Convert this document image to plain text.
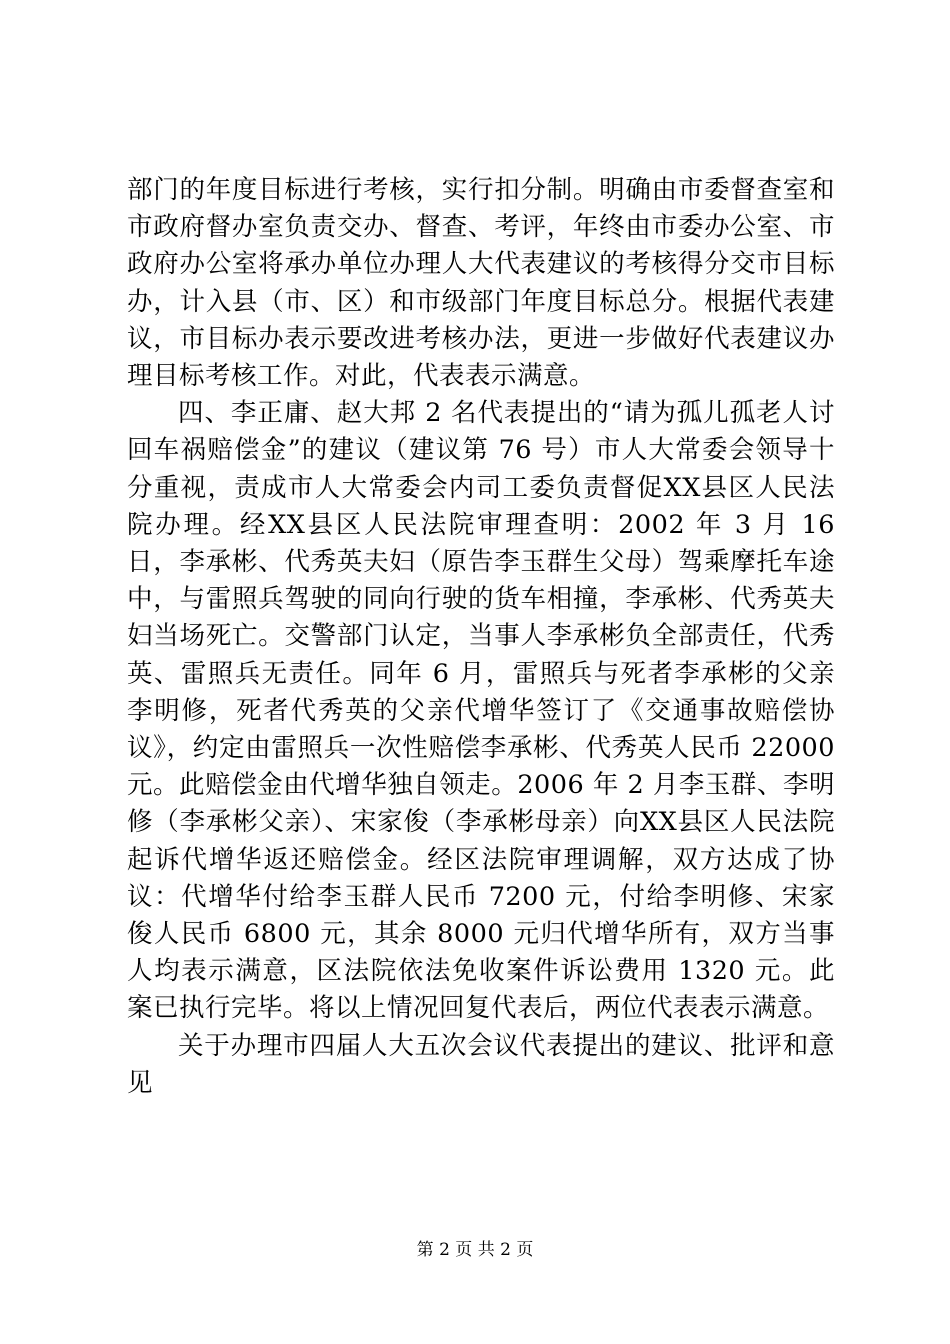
部门的年度目标进行考核，实行扣分制。明确由市委督查室和市政府督办室负责交办、督查、考评，年终由市委办公室、市政府办公室将承办单位办理人大代表建议的考核得分交市目标办，计入县（市、区）和市级部门年度目标总分。根据代表建议，市目标办表示要改进考核办法，更进一步做好代表建议办理目标考核工作。对此，代表表示满意。

四、李正庸、赵大邦 2 名代表提出的“请为孤儿孤老人讨回车祸赔偿金”的建议（建议第 76 号）市人大常委会领导十分重视，责成市人大常委会内司工委负责督促XX县区人民法院办理。经XX县区人民法院审理查明：2002 年 3 月 16 日，李承彬、代秀英夫妇（原告李玉群生父母）驾乘摩托车途中，与雷照兵驾驶的同向行驶的货车相撞，李承彬、代秀英夫妇当场死亡。交警部门认定，当事人李承彬负全部责任，代秀英、雷照兵无责任。同年 6 月，雷照兵与死者李承彬的父亲李明修，死者代秀英的父亲代增华签订了《交通事故赔偿协议》，约定由雷照兵一次性赔偿李承彬、代秀英人民币 22000 元。此赔偿金由代增华独自领走。2006 年 2 月李玉群、李明修（李承彬父亲）、宋家俊（李承彬母亲）向XX县区人民法院起诉代增华返还赔偿金。经区法院审理调解，双方达成了协议：代增华付给李玉群人民币 7200 元，付给李明修、宋家俊人民币 6800 元，其余 8000 元归代增华所有，双方当事人均表示满意，区法院依法免收案件诉讼费用 1320 元。此案已执行完毕。将以上情况回复代表后，两位代表表示满意。

关于办理市四届人大五次会议代表提出的建议、批评和意见

第 2 页 共 2 页
